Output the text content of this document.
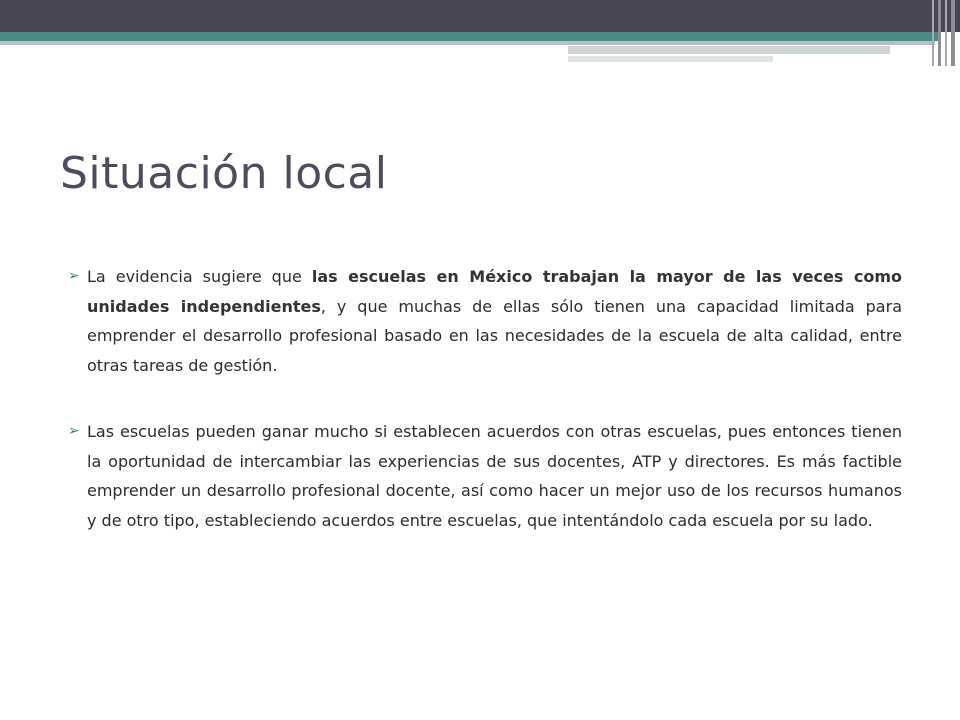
Situación local

➢ La evidencia sugiere que las escuelas en México trabajan la mayor de las veces como unidades independientes, y que muchas de ellas sólo tienen una capacidad limitada para emprender el desarrollo profesional basado en las necesidades de la escuela de alta calidad, entre otras tareas de gestión.

➢ Las escuelas pueden ganar mucho si establecen acuerdos con otras escuelas, pues entonces tienen la oportunidad de intercambiar las experiencias de sus docentes, ATP y directores. Es más factible emprender un desarrollo profesional docente, así como hacer un mejor uso de los recursos humanos y de otro tipo, estableciendo acuerdos entre escuelas, que intentándolo cada escuela por su lado.
